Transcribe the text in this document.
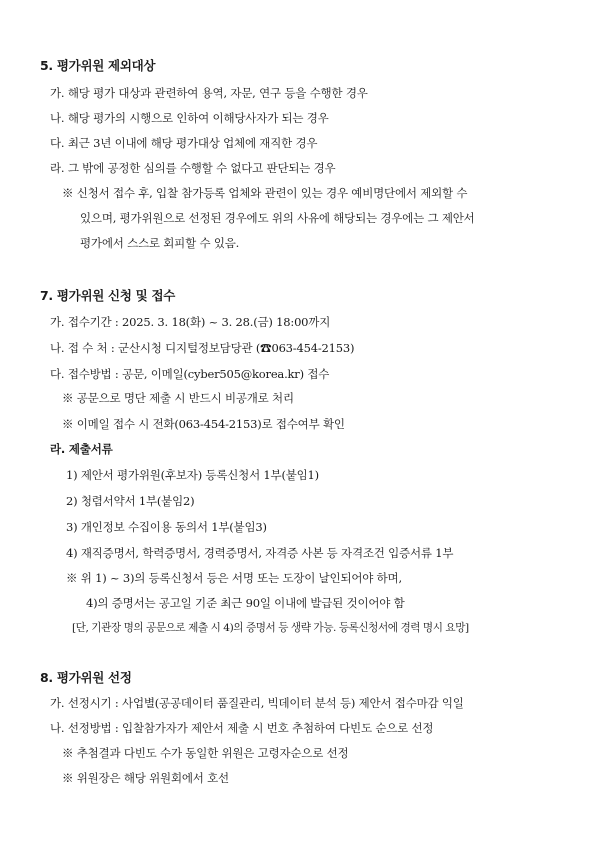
5. 평가위원 제외대상
가. 해당 평가 대상과 관련하여 용역, 자문, 연구 등을 수행한 경우
나. 해당 평가의 시행으로 인하여 이해당사자가 되는 경우
다. 최근 3년 이내에 해당 평가대상 업체에 재직한 경우
라. 그 밖에 공정한 심의를 수행할 수 없다고 판단되는 경우
※ 신청서 접수 후, 입찰 참가등록 업체와 관련이 있는 경우 예비명단에서 제외할 수
있으며, 평가위원으로 선정된 경우에도 위의 사유에 해당되는 경우에는 그 제안서
평가에서 스스로 회피할 수 있음.
7. 평가위원 신청 및 접수
가. 접수기간 : 2025. 3. 18(화) ~ 3. 28.(금) 18:00까지
나. 접 수 처 : 군산시청 디지털정보담당관 (☎063-454-2153)
다. 접수방법 : 공문, 이메일(cyber505@korea.kr) 접수
※ 공문으로 명단 제출 시 반드시 비공개로 처리
※ 이메일 접수 시 전화(063-454-2153)로 접수여부 확인
라. 제출서류
1) 제안서 평가위원(후보자) 등록신청서 1부(붙임1)
2) 청렴서약서 1부(붙임2)
3) 개인정보 수집이용 동의서 1부(붙임3)
4) 재직증명서, 학력증명서, 경력증명서, 자격증 사본 등 자격조건 입증서류 1부
※ 위 1) ~ 3)의 등록신청서 등은 서명 또는 도장이 날인되어야 하며,
4)의 증명서는 공고일 기준 최근 90일 이내에 발급된 것이어야 함
[단, 기관장 명의 공문으로 제출 시 4)의 증명서 등 생략 가능. 등록신청서에 경력 명시 요망]
8. 평가위원 선정
가. 선정시기 : 사업별(공공데이터 품질관리, 빅데이터 분석 등) 제안서 접수마감 익일
나. 선정방법 : 입찰참가자가 제안서 제출 시 번호 추첨하여 다빈도 순으로 선정
※ 추첨결과 다빈도 수가 동일한 위원은 고령자순으로 선정
※ 위원장은 해당 위원회에서 호선
